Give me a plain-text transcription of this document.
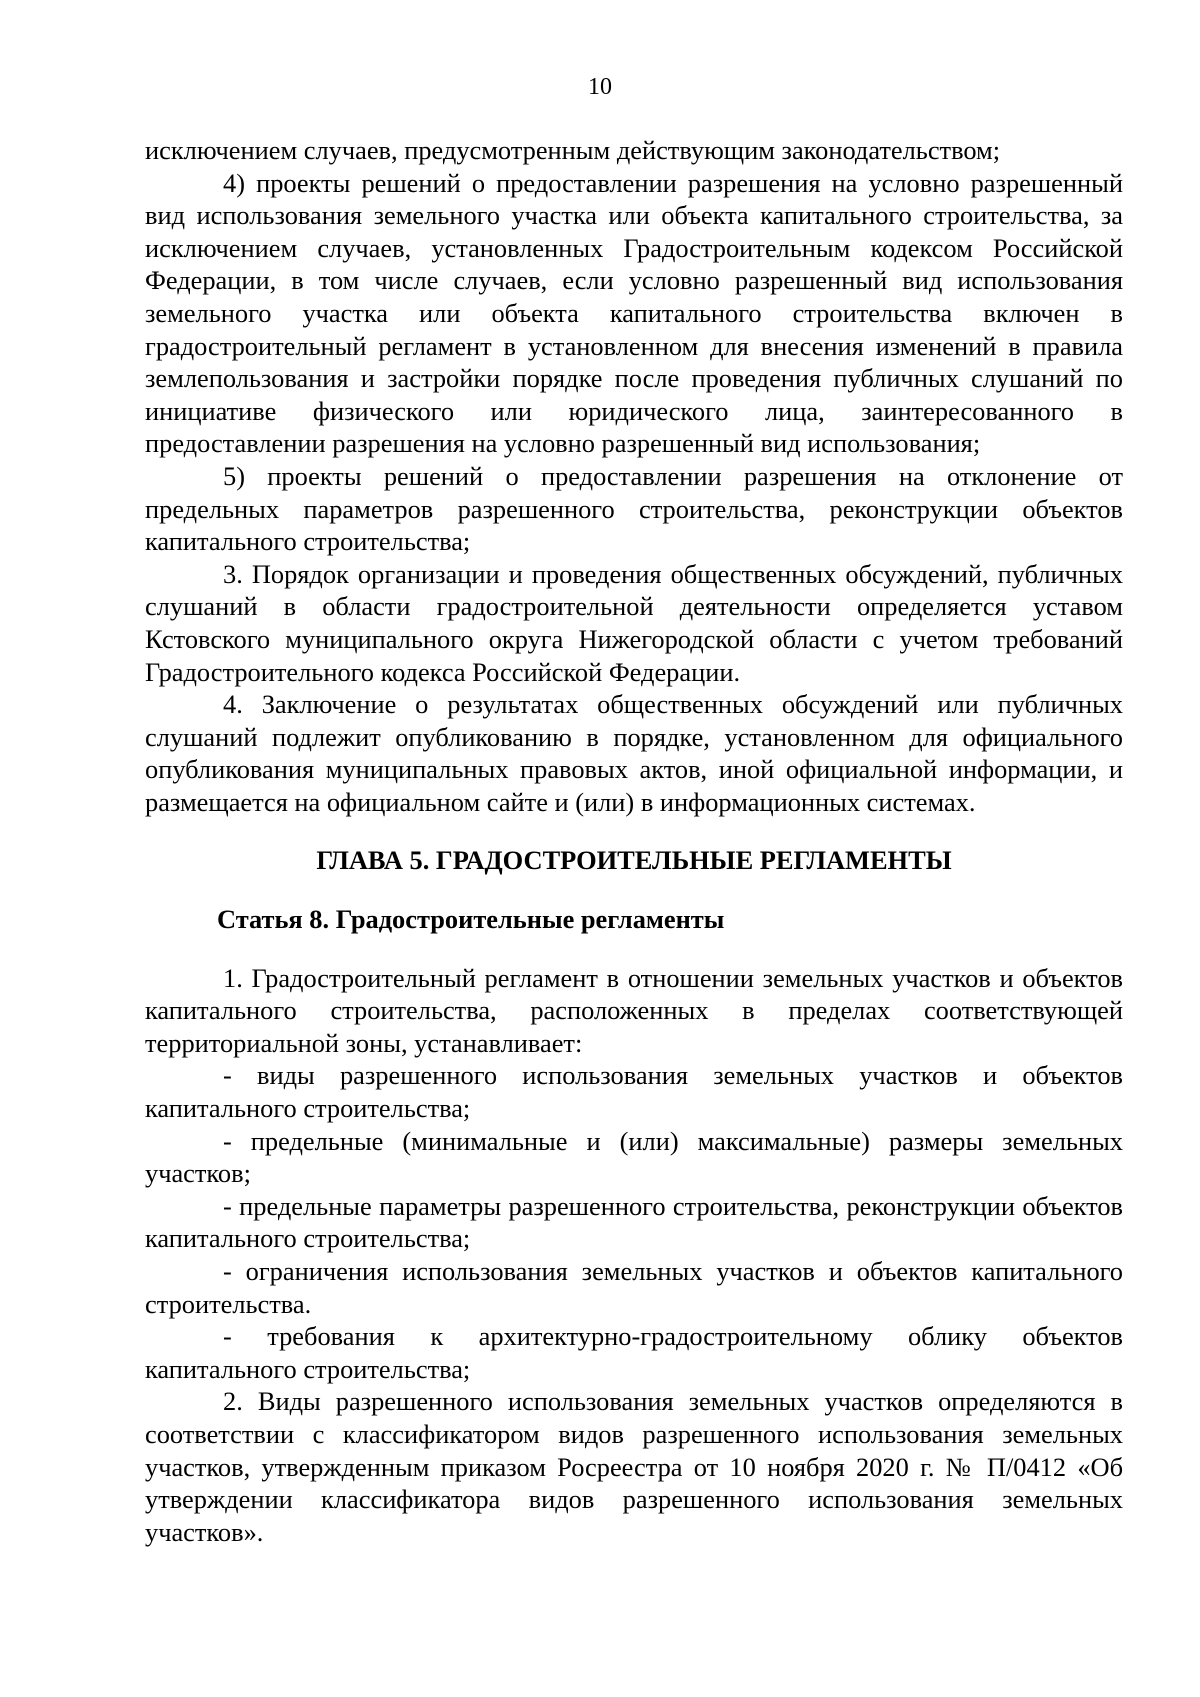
10

исключением случаев, предусмотренным действующим законодательством;

4) проекты решений о предоставлении разрешения на условно разрешенный вид использования земельного участка или объекта капитального строительства, за исключением случаев, установленных Градостроительным кодексом Российской Федерации, в том числе случаев, если условно разрешенный вид использования земельного участка или объекта капитального строительства включен в градостроительный регламент в установленном для внесения изменений в правила землепользования и застройки порядке после проведения публичных слушаний по инициативе физического или юридического лица, заинтересованного в предоставлении разрешения на условно разрешенный вид использования;

5) проекты решений о предоставлении разрешения на отклонение от предельных параметров разрешенного строительства, реконструкции объектов капитального строительства;

3. Порядок организации и проведения общественных обсуждений, публичных слушаний в области градостроительной деятельности определяется уставом Кстовского муниципального округа Нижегородской области с учетом требований Градостроительного кодекса Российской Федерации.

4. Заключение о результатах общественных обсуждений или публичных слушаний подлежит опубликованию в порядке, установленном для официального опубликования муниципальных правовых актов, иной официальной информации, и размещается на официальном сайте и (или) в информационных системах.

ГЛАВА 5. ГРАДОСТРОИТЕЛЬНЫЕ РЕГЛАМЕНТЫ
Статья 8. Градостроительные регламенты

1. Градостроительный регламент в отношении земельных участков и объектов капитального строительства, расположенных в пределах соответствующей территориальной зоны, устанавливает:

- виды разрешенного использования земельных участков и объектов капитального строительства;

- предельные (минимальные и (или) максимальные) размеры земельных участков;

- предельные параметры разрешенного строительства, реконструкции объектов капитального строительства;

- ограничения использования земельных участков и объектов капитального строительства.

- требования к архитектурно-градостроительному облику объектов капитального строительства;

2. Виды разрешенного использования земельных участков определяются в соответствии с классификатором видов разрешенного использования земельных участков, утвержденным приказом Росреестра от 10 ноября 2020 г. № П/0412 «Об утверждении классификатора видов разрешенного использования земельных участков».
